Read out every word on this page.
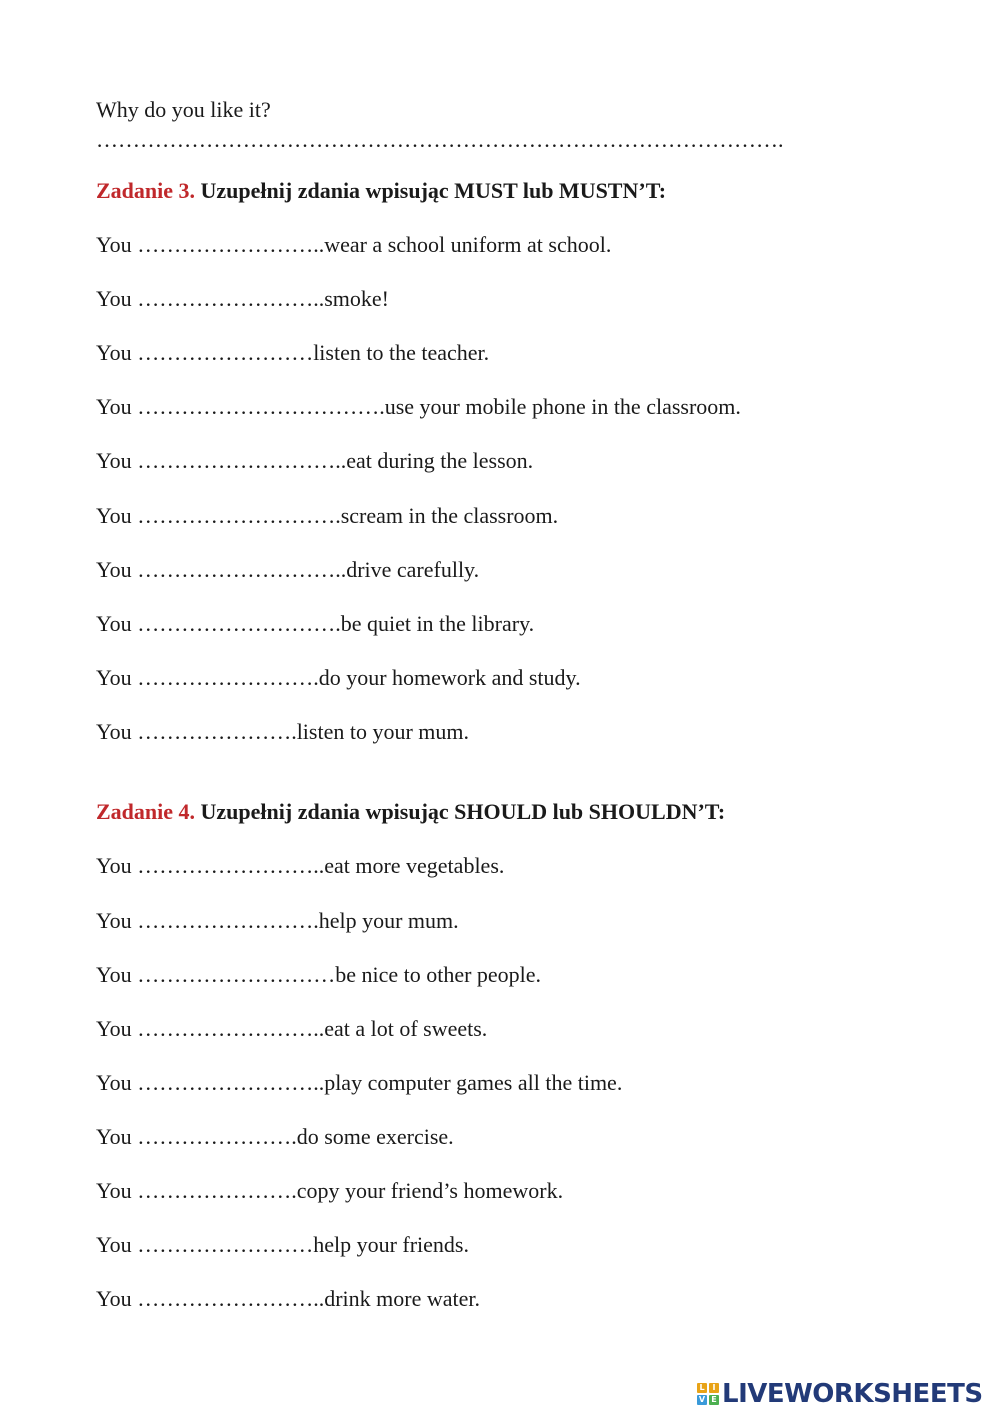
Why do you like it?
………………………………………………………………………………….
Zadanie 3. Uzupełnij zdania wpisując MUST lub MUSTN’T:
You ……………………..wear a school uniform at school.
You ……………………..smoke!
You ……………………listen to the teacher.
You …………………………….use your mobile phone in the classroom.
You ………………………..eat during the lesson.
You ……………………….scream in the classroom.
You ………………………..drive carefully.
You ……………………….be quiet in the library.
You …………………….do your homework and study.
You ………………….listen to your mum.
Zadanie 4. Uzupełnij zdania wpisując SHOULD lub SHOULDN’T:
You ……………………..eat more vegetables.
You …………………….help your mum.
You ………………………be nice to other people.
You ……………………..eat a lot of sweets.
You ……………………..play computer games all the time.
You ………………….do some exercise.
You ………………….copy your friend’s homework.
You ……………………help your friends.
You ……………………..drink more water.
L I
V E LIVEWORKSHEETS
